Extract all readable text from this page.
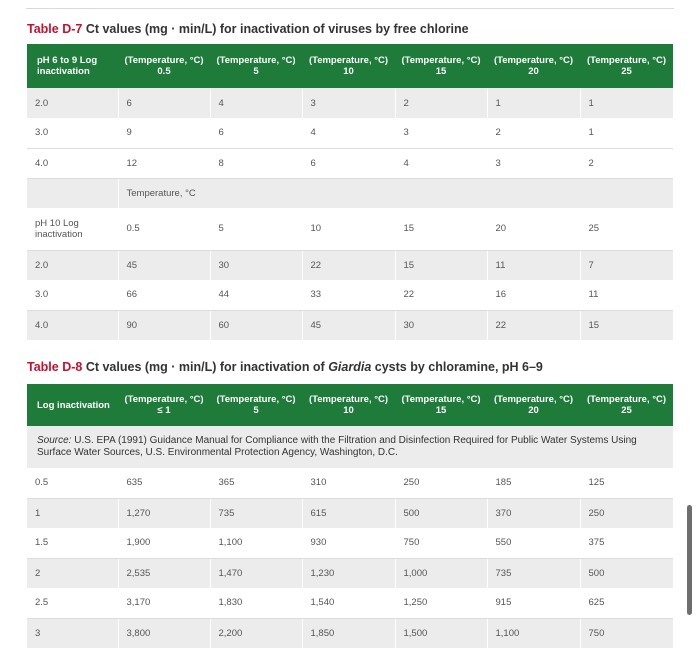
Table D-7 Ct values (mg · min/L) for inactivation of viruses by free chlorine
pH 6 to 9 Log inactivation	(Temperature, °C) 0.5	(Temperature, °C) 5	(Temperature, °C) 10	(Temperature, °C) 15	(Temperature, °C) 20	(Temperature, °C) 25
2.0	6	4	3	2	1	1
3.0	9	6	4	3	2	1
4.0	12	8	6	4	3	2
	Temperature, °C					
pH 10 Log inactivation	0.5	5	10	15	20	25
2.0	45	30	22	15	11	7
3.0	66	44	33	22	16	11
4.0	90	60	45	30	22	15
Table D-8 Ct values (mg · min/L) for inactivation of Giardia cysts by chloramine, pH 6–9
Log inactivation	(Temperature, °C) ≤ 1	(Temperature, °C) 5	(Temperature, °C) 10	(Temperature, °C) 15	(Temperature, °C) 20	(Temperature, °C) 25
Source: U.S. EPA (1991) Guidance Manual for Compliance with the Filtration and Disinfection Required for Public Water Systems Using Surface Water Sources, U.S. Environmental Protection Agency, Washington, D.C.						
0.5	635	365	310	250	185	125
1	1,270	735	615	500	370	250
1.5	1,900	1,100	930	750	550	375
2	2,535	1,470	1,230	1,000	735	500
2.5	3,170	1,830	1,540	1,250	915	625
3	3,800	2,200	1,850	1,500	1,100	750
